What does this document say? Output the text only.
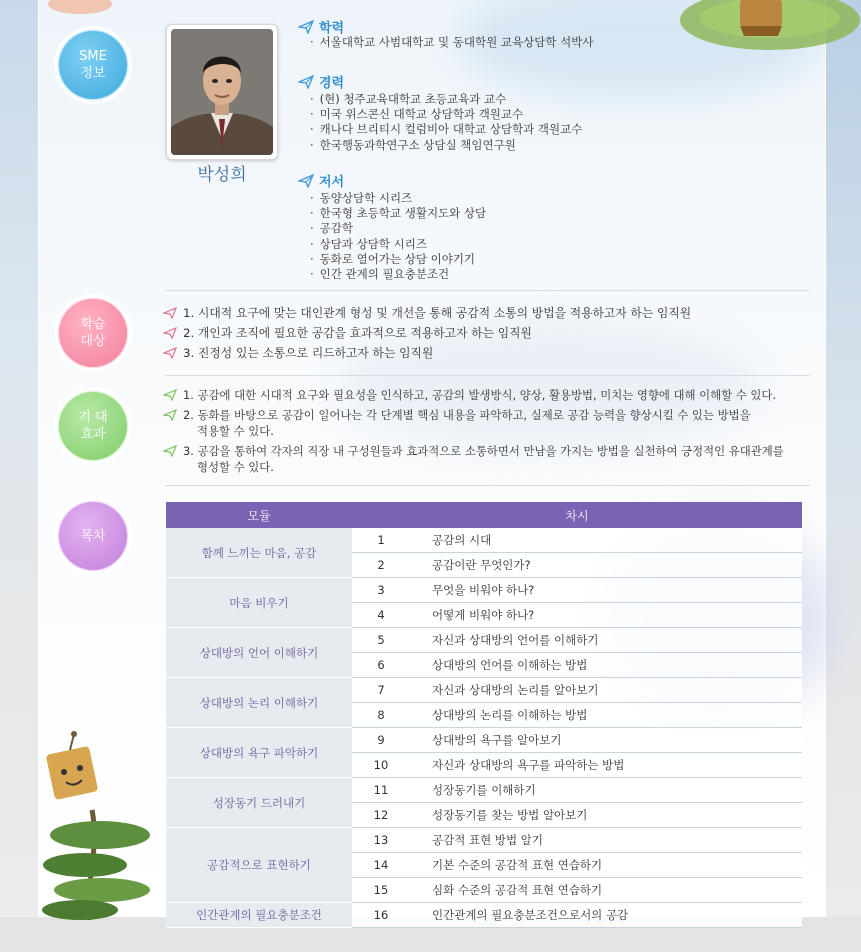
SME
정보
학습
대상
기 대
효과
목차
박성희
학력
· 서울대학교 사범대학교 및 동대학원 교육상담학 석박사
경력
· (현) 청주교육대학교 초등교육과 교수
· 미국 위스콘신 대학교 상담학과 객원교수
· 캐나다 브리티시 컬럼비아 대학교 상담학과 객원교수
· 한국행동과학연구소 상담실 책임연구원
저서
· 동양상담학 시리즈
· 한국형 초등학교 생활지도와 상담
· 공감학
· 상담과 상담학 시리즈
· 동화로 열어가는 상담 이야기기
· 인간 관계의 필요충분조건
1. 시대적 요구에 맞는 대인관계 형성 및 개선을 통해 공감적 소통의 방법을 적용하고자 하는 임직원
2. 개인과 조직에 필요한 공감을 효과적으로 적용하고자 하는 임직원
3. 진정성 있는 소통으로 리드하고자 하는 임직원
1. 공감에 대한 시대적 요구와 필요성을 인식하고, 공감의 발생방식, 양상, 활용방법, 미치는 영향에 대해 이해할 수 있다.
2. 동화를 바탕으로 공감이 일어나는 각 단계별 핵심 내용을 파악하고, 실제로 공감 능력을 향상시킬 수 있는 방법을
적용할 수 있다.
3. 공감을 통하여 각자의 직장 내 구성원들과 효과적으로 소통하면서 만남을 가지는 방법을 실천하여 긍정적인 유대관계를
형성할 수 있다.
모듈	차시	
함께 느끼는 마음, 공감	1	공감의 시대
	2	공감이란 무엇인가?
마음 비우기	3	무엇을 비워야 하나?
	4	어떻게 비워야 하나?
상대방의 언어 이해하기	5	자신과 상대방의 언어를 이해하기
	6	상대방의 언어를 이해하는 방법
상대방의 논리 이해하기	7	자신과 상대방의 논리를 알아보기
	8	상대방의 논리를 이해하는 방법
상대방의 욕구 파악하기	9	상대방의 욕구를 알아보기
	10	자신과 상대방의 욕구를 파악하는 방법
성장동기 드러내기	11	성장동기를 이해하기
	12	성장동기를 찾는 방법 알아보기
공감적으로 표현하기	13	공감적 표현 방법 알기
	14	기본 수준의 공감적 표현 연습하기
	15	심화 수준의 공감적 표현 연습하기
인간관계의 필요충분조건	16	인간관계의 필요충분조건으로서의 공감
